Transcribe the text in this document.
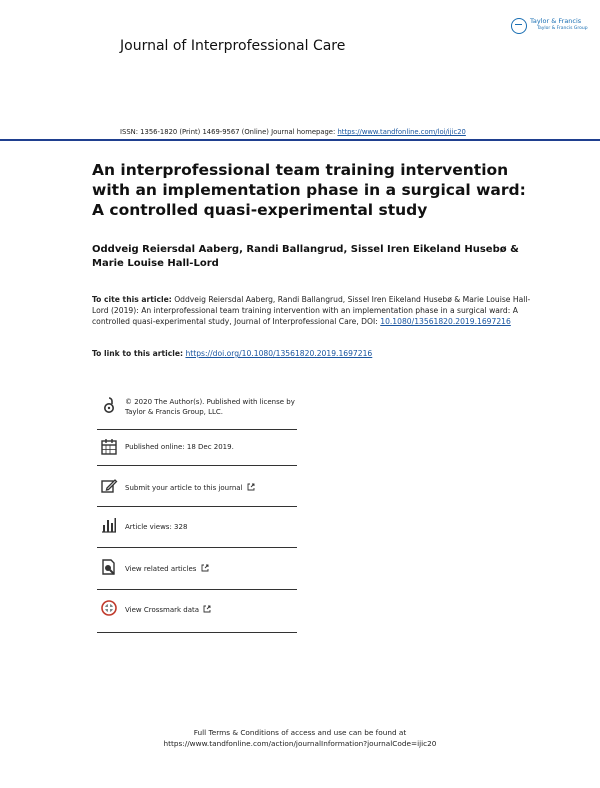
Journal of Interprofessional Care
Taylor & Francis
Taylor & Francis Group
ISSN: 1356-1820 (Print) 1469-9567 (Online) Journal homepage: https://www.tandfonline.com/loi/ijic20
An interprofessional team training intervention with an implementation phase in a surgical ward: A controlled quasi-experimental study
Oddveig Reiersdal Aaberg, Randi Ballangrud, Sissel Iren Eikeland Husebø & Marie Louise Hall-Lord
To cite this article: Oddveig Reiersdal Aaberg, Randi Ballangrud, Sissel Iren Eikeland Husebø & Marie Louise Hall-Lord (2019): An interprofessional team training intervention with an implementation phase in a surgical ward: A controlled quasi-experimental study, Journal of Interprofessional Care, DOI: 10.1080/13561820.2019.1697216
To link to this article: https://doi.org/10.1080/13561820.2019.1697216
© 2020 The Author(s). Published with license by Taylor & Francis Group, LLC.
Published online: 18 Dec 2019.
Submit your article to this journal
Article views: 328
View related articles
View Crossmark data
Full Terms & Conditions of access and use can be found at
https://www.tandfonline.com/action/journalInformation?journalCode=ijic20
